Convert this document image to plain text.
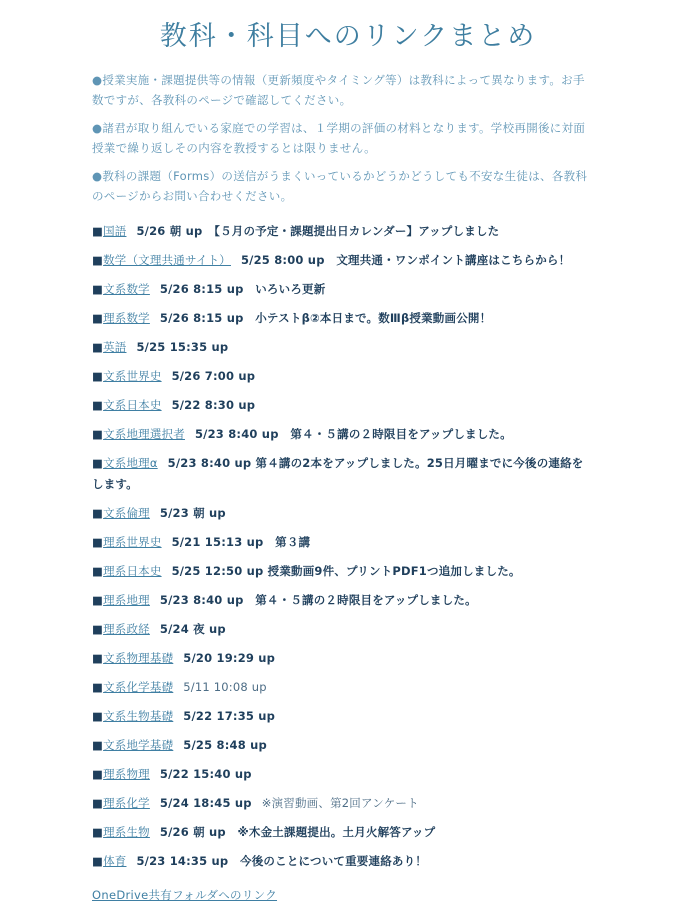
教科・科目へのリンクまとめ
●授業実施・課題提供等の情報（更新頻度やタイミング等）は教科によって異なります。お手数ですが、各教科のページで確認してください。
●諸君が取り組んでいる家庭での学習は、１学期の評価の材料となります。学校再開後に対面授業で繰り返しその内容を教授するとは限りません。
●教科の課題（Forms）の送信がうまくいっているかどうかどうしても不安な生徒は、各教科のページからお問い合わせください。
■国語 5/26 朝 up　【５月の予定・課題提出日カレンダー】アップしました
■数学（文理共通サイト） 5/25 8:00 up　文理共通・ワンポイント講座はこちらから！
■文系数学 5/26 8:15 up　いろいろ更新
■理系数学 5/26 8:15 up　小テストβ②本日まで。数Ⅲβ授業動画公開！
■英語 5/25 15:35 up
■文系世界史 5/26 7:00 up
■文系日本史 5/22 8:30 up
■文系地理選択者 5/23 8:40 up　第４・５講の２時限目をアップしました。
■文系地理α 5/23 8:40 up 第４講の2本をアップしました。25日月曜までに今後の連絡をします。
■文系倫理 5/23 朝 up
■理系世界史 5/21 15:13 up　第３講
■理系日本史 5/25 12:50 up 授業動画9件、プリントPDF1つ追加しました。
■理系地理 5/23 8:40 up　第４・５講の２時限目をアップしました。
■理系政経 5/24 夜 up
■文系物理基礎 5/20 19:29 up
■文系化学基礎 5/11 10:08 up
■文系生物基礎 5/22 17:35 up
■文系地学基礎 5/25 8:48 up
■理系物理 5/22 15:40 up
■理系化学 5/24 18:45 up ※演習動画、第2回アンケート
■理系生物 5/26 朝 up　※木金土課題提出。土月火解答アップ
■体育 5/23 14:35 up　今後のことについて重要連絡あり！
OneDrive共有フォルダへのリンク
